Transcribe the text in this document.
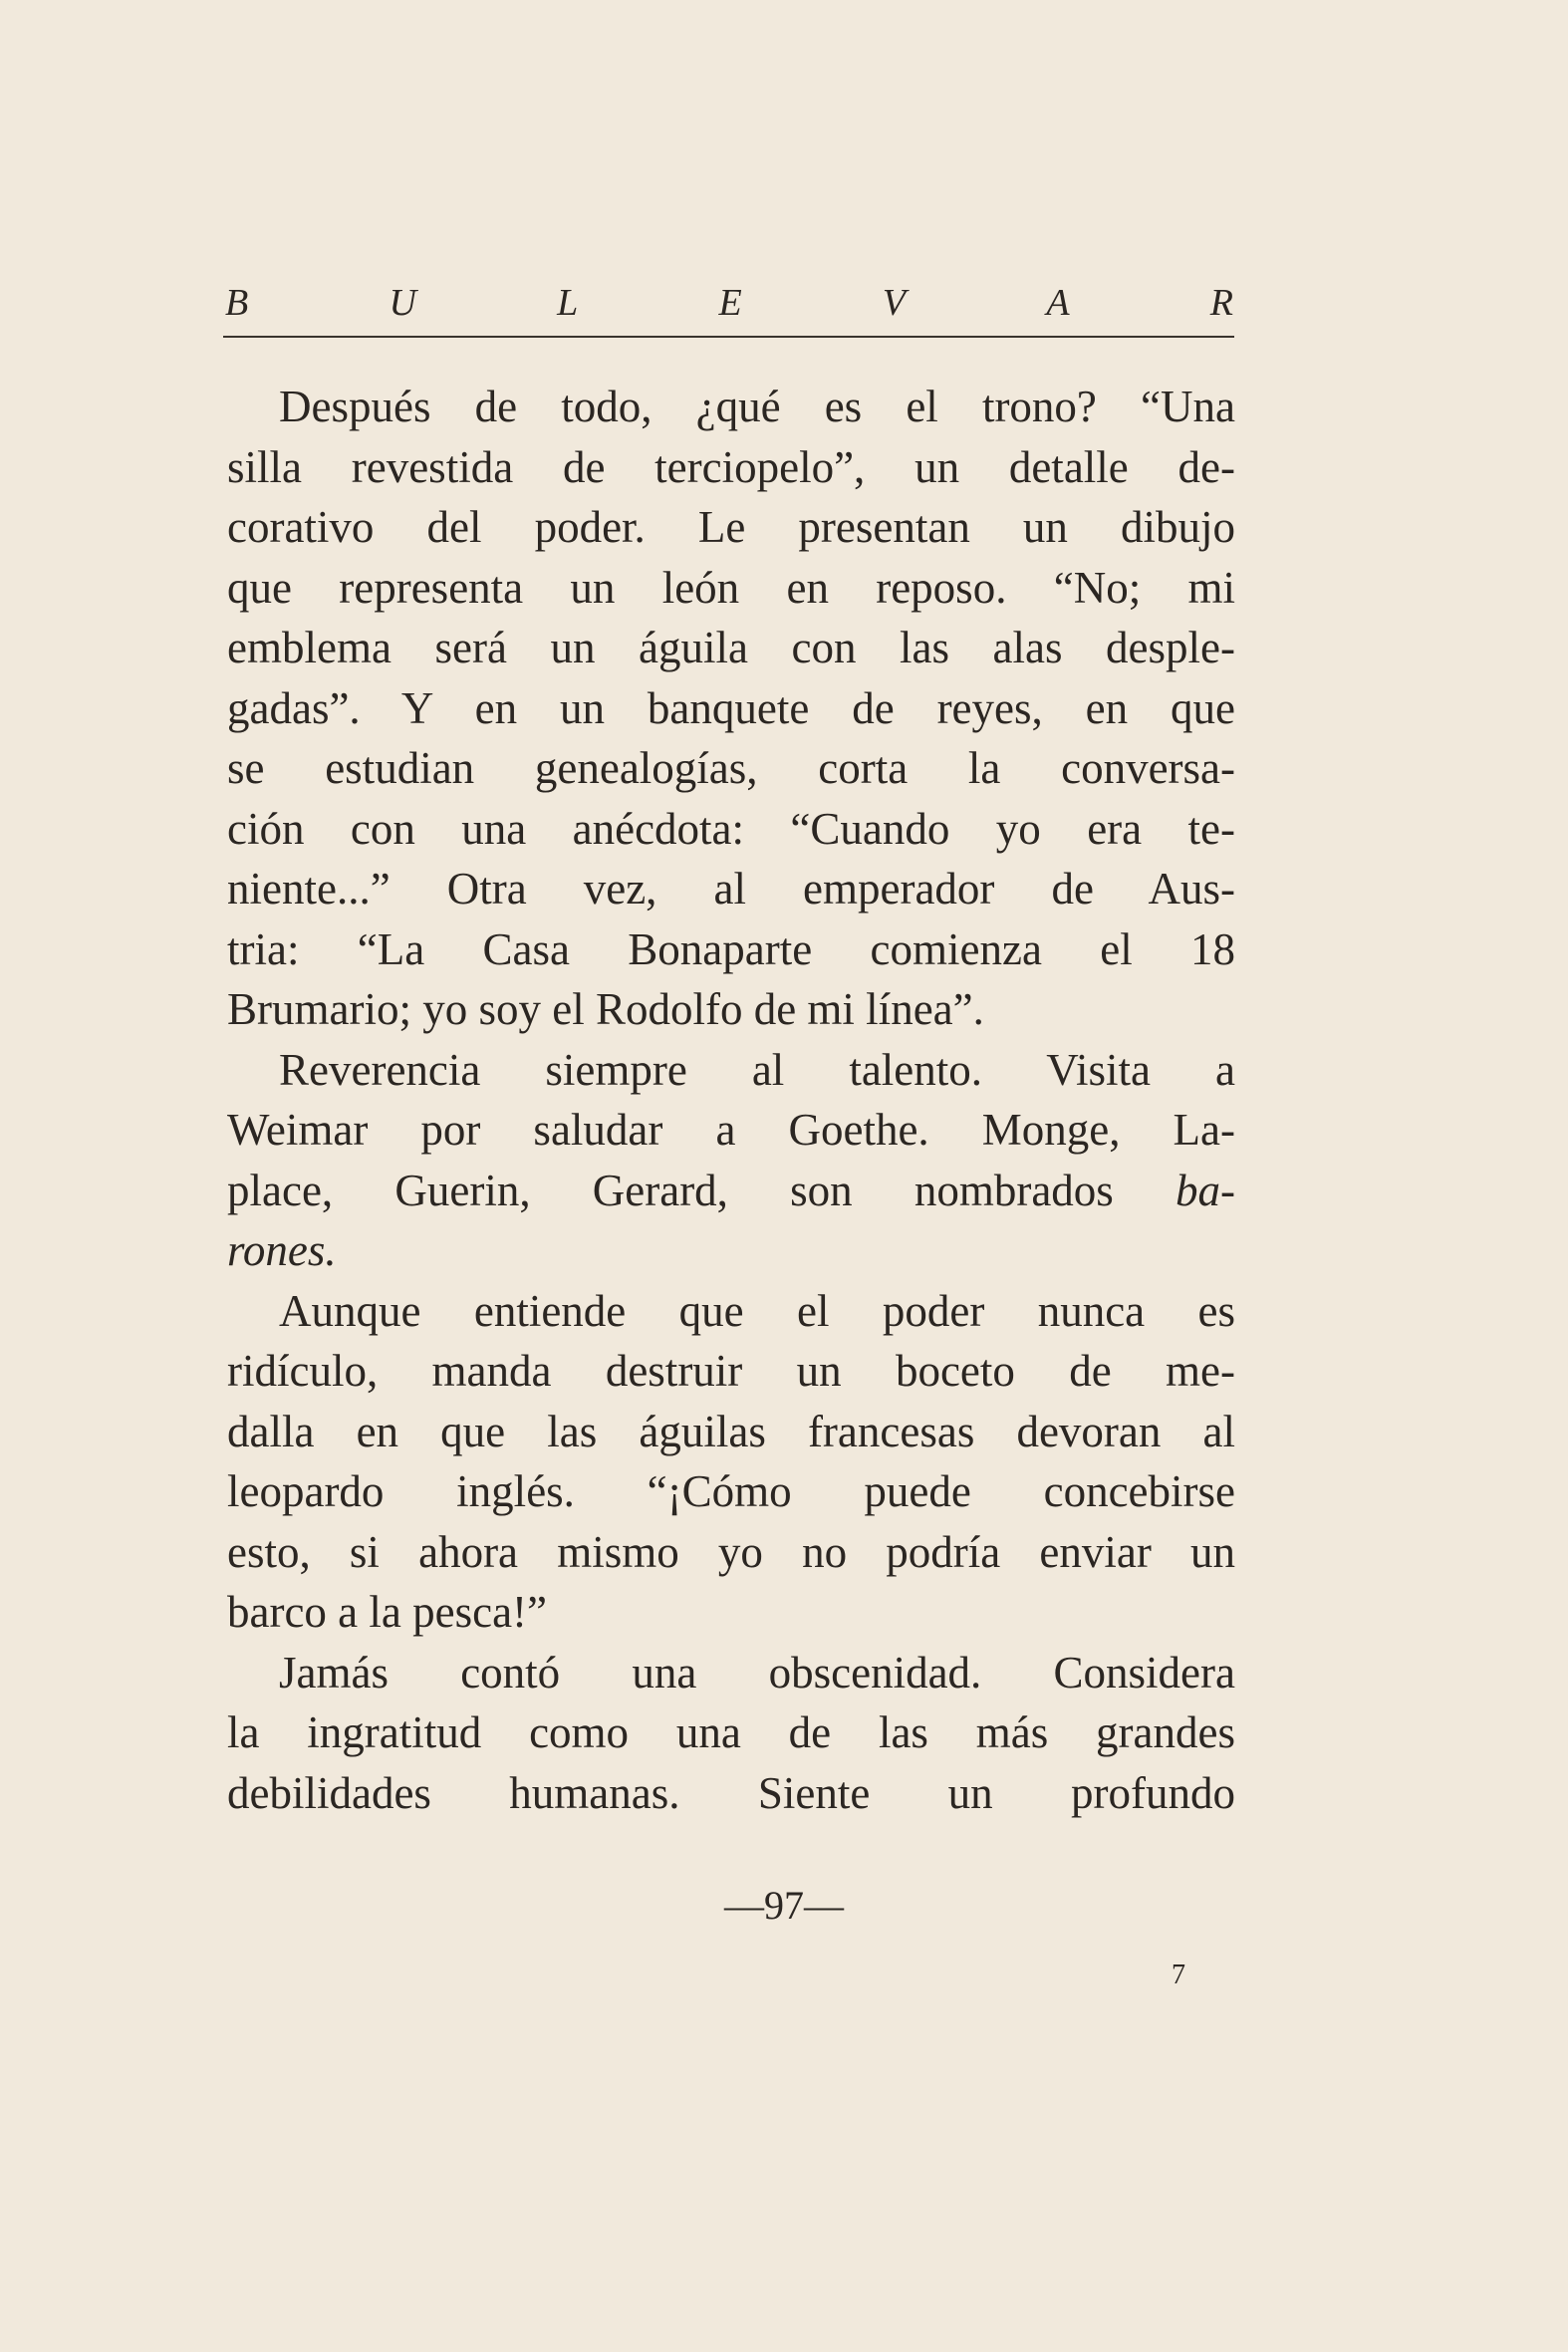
B	U	L	E	V	A	R
Después de todo, ¿qué es el trono? “Una
silla revestida de terciopelo”, un detalle de-
corativo del poder. Le presentan un dibujo
que representa un león en reposo. “No; mi
emblema será un águila con las alas desple-
gadas”. Y en un banquete de reyes, en que
se estudian genealogías, corta la conversa-
ción con una anécdota: “Cuando yo era te-
niente...” Otra vez, al emperador de Aus-
tria: “La Casa Bonaparte comienza el 18
Brumario; yo soy el Rodolfo de mi línea”.
Reverencia siempre al talento. Visita a
Weimar por saludar a Goethe. Monge, La-
place, Guerin, Gerard, son nombrados ba-
rones.
Aunque entiende que el poder nunca es
ridículo, manda destruir un boceto de me-
dalla en que las águilas francesas devoran al
leopardo inglés. “¡Cómo puede concebirse
esto, si ahora mismo yo no podría enviar un
barco a la pesca!”
Jamás contó una obscenidad. Considera
la ingratitud como una de las más grandes
debilidades humanas. Siente un profundo
—97—
7
